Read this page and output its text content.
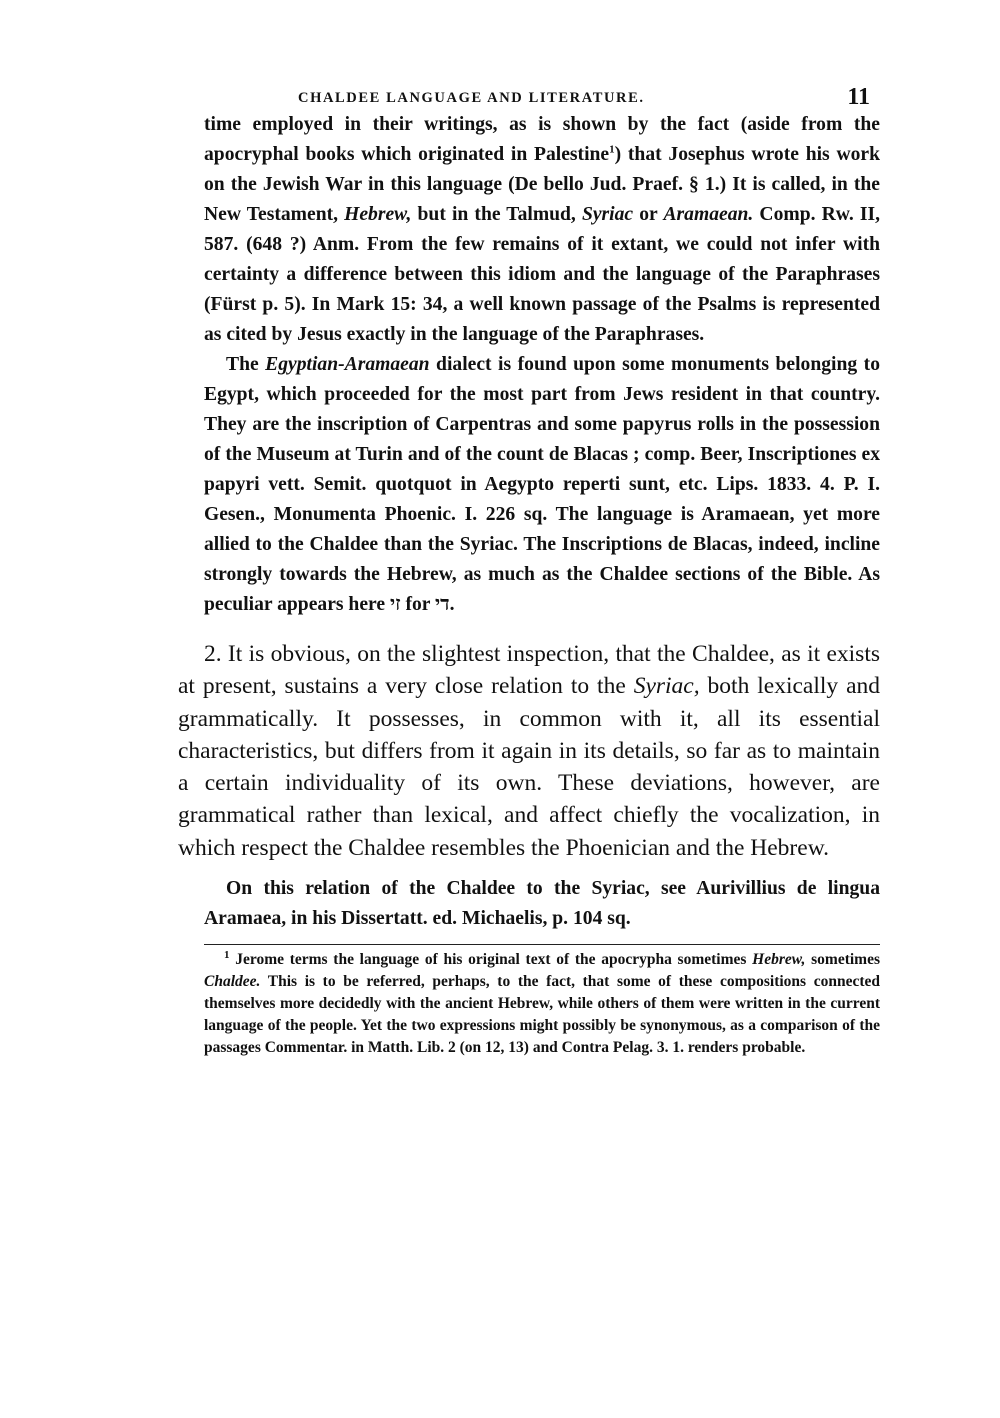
CHALDEE LANGUAGE AND LITERATURE.	11

time employed in their writings, as is shown by the fact (aside from the apocryphal books which originated in Palestine$^1$) that Josephus wrote his work on the Jewish War in this language (De bello Jud. Praef. § 1.) It is called, in the New Testament, Hebrew, but in the Talmud, Syriac or Aramaean. Comp. Rw. II, 587. (648 ?) Anm. From the few remains of it extant, we could not infer with certainty a difference between this idiom and the language of the Paraphrases (Fürst p. 5). In Mark 15: 34, a well known passage of the Psalms is represented as cited by Jesus exactly in the language of the Paraphrases.

The Egyptian-Aramaean dialect is found upon some monuments belonging to Egypt, which proceeded for the most part from Jews resident in that country. They are the inscription of Carpentras and some papyrus rolls in the possession of the Museum at Turin and of the count de Blacas ; comp. Beer, Inscriptiones ex papyri vett. Semit. quotquot in Aegypto reperti sunt, etc. Lips. 1833. 4. P. I. Gesen., Monumenta Phoenic. I. 226 sq. The language is Aramaean, yet more allied to the Chaldee than the Syriac. The Inscriptions de Blacas, indeed, incline strongly towards the Hebrew, as much as the Chaldee sections of the Bible. As peculiar appears here זי for די.

2. It is obvious, on the slightest inspection, that the Chaldee, as it exists at present, sustains a very close relation to the Syriac, both lexically and grammatically. It possesses, in common with it, all its essential characteristics, but differs from it again in its details, so far as to maintain a certain individuality of its own. These deviations, however, are grammatical rather than lexical, and affect chiefly the vocalization, in which respect the Chaldee resembles the Phoenician and the Hebrew.

On this relation of the Chaldee to the Syriac, see Aurivillius de lingua Aramaea, in his Dissertatt. ed. Michaelis, p. 104 sq.

$^1$ Jerome terms the language of his original text of the apocrypha sometimes Hebrew, sometimes Chaldee. This is to be referred, perhaps, to the fact, that some of these compositions connected themselves more decidedly with the ancient Hebrew, while others of them were written in the current language of the people. Yet the two expressions might possibly be synonymous, as a comparison of the passages Commentar. in Matth. Lib. 2 (on 12, 13) and Contra Pelag. 3. 1. renders probable.
